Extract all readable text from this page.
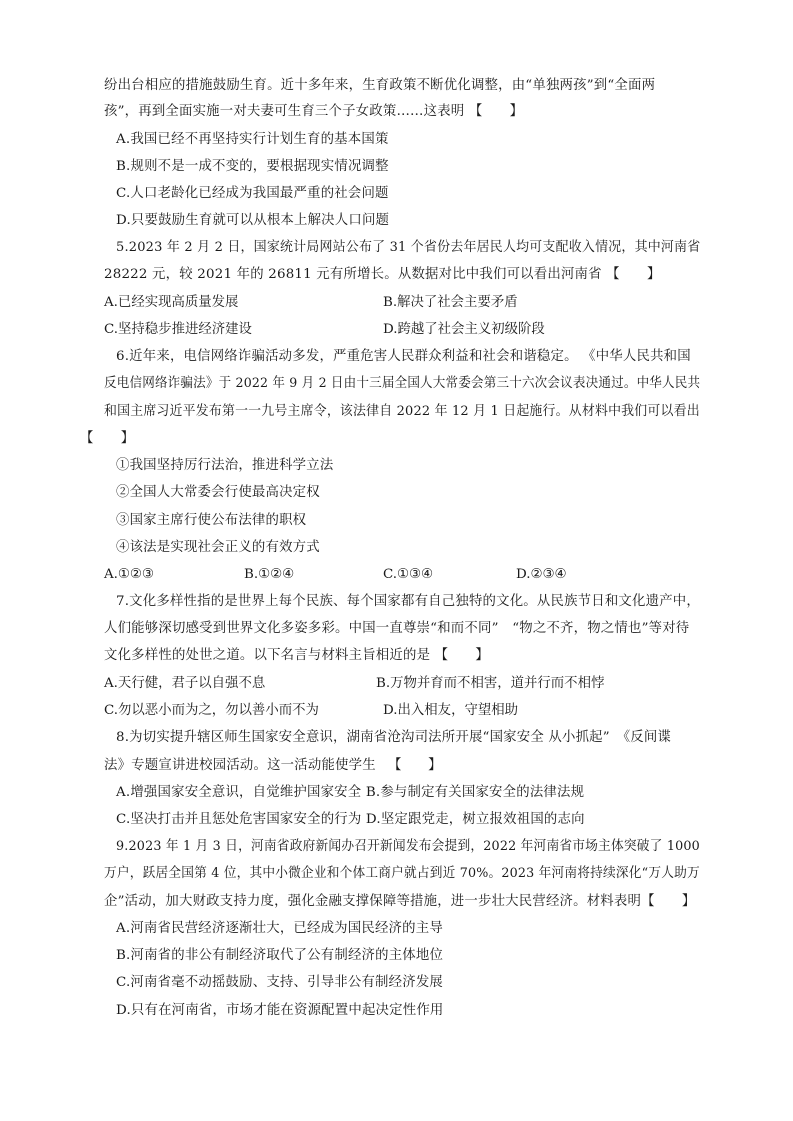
纷出台相应的措施鼓励生育。近十多年来，生育政策不断优化调整，由“单独两孩”到“全面两
孩”，再到全面实施一对夫妻可生育三个子女政策……这表明 【　　】
A.我国已经不再坚持实行计划生育的基本国策
B.规则不是一成不变的，要根据现实情况调整
C.人口老龄化已经成为我国最严重的社会问题
D.只要鼓励生育就可以从根本上解决人口问题
5.2023 年 2 月 2 日，国家统计局网站公布了 31 个省份去年居民人均可支配收入情况，其中河南省
28222 元，较 2021 年的 26811 元有所增长。从数据对比中我们可以看出河南省 【　　】
A.已经实现高质量发展	B.解决了社会主要矛盾
C.坚持稳步推进经济建设	D.跨越了社会主义初级阶段
6.近年来，电信网络诈骗活动多发，严重危害人民群众利益和社会和谐稳定。 《中华人民共和国
反电信网络诈骗法》于 2022 年 9 月 2 日由十三届全国人大常委会第三十六次会议表决通过。中华人民共
和国主席习近平发布第一一九号主席令，该法律自 2022 年 12 月 1 日起施行。从材料中我们可以看出
【　　】
①我国坚持厉行法治，推进科学立法
②全国人大常委会行使最高决定权
③国家主席行使公布法律的职权
④该法是实现社会正义的有效方式
A.①②③	B.①②④	C.①③④	D.②③④
7.文化多样性指的是世界上每个民族、每个国家都有自己独特的文化。从民族节日和文化遗产中，
人们能够深切感受到世界文化多姿多彩。中国一直尊崇“和而不同”　“物之不齐，物之情也”等对待
文化多样性的处世之道。以下名言与材料主旨相近的是 【　　】
A.天行健，君子以自强不息	B.万物并育而不相害，道并行而不相悖
C.勿以恶小而为之，勿以善小而不为	D.出入相友，守望相助
8.为切实提升辖区师生国家安全意识，湖南省沧沟司法所开展“国家安全 从小抓起”　《反间谍
法》专题宣讲进校园活动。这一活动能使学生 【　　】
A.增强国家安全意识，自觉维护国家安全 B.参与制定有关国家安全的法律法规
C.坚决打击并且惩处危害国家安全的行为 D.坚定跟党走，树立报效祖国的志向
9.2023 年 1 月 3 日，河南省政府新闻办召开新闻发布会提到，2022 年河南省市场主体突破了 1000
万户，跃居全国第 4 位，其中小微企业和个体工商户就占到近 70%。2023 年河南将持续深化“万人助万
企”活动，加大财政支持力度，强化金融支撑保障等措施，进一步壮大民营经济。材料表明【　　】
A.河南省民营经济逐渐壮大，已经成为国民经济的主导
B.河南省的非公有制经济取代了公有制经济的主体地位
C.河南省毫不动摇鼓励、支持、引导非公有制经济发展
D.只有在河南省，市场才能在资源配置中起决定性作用
